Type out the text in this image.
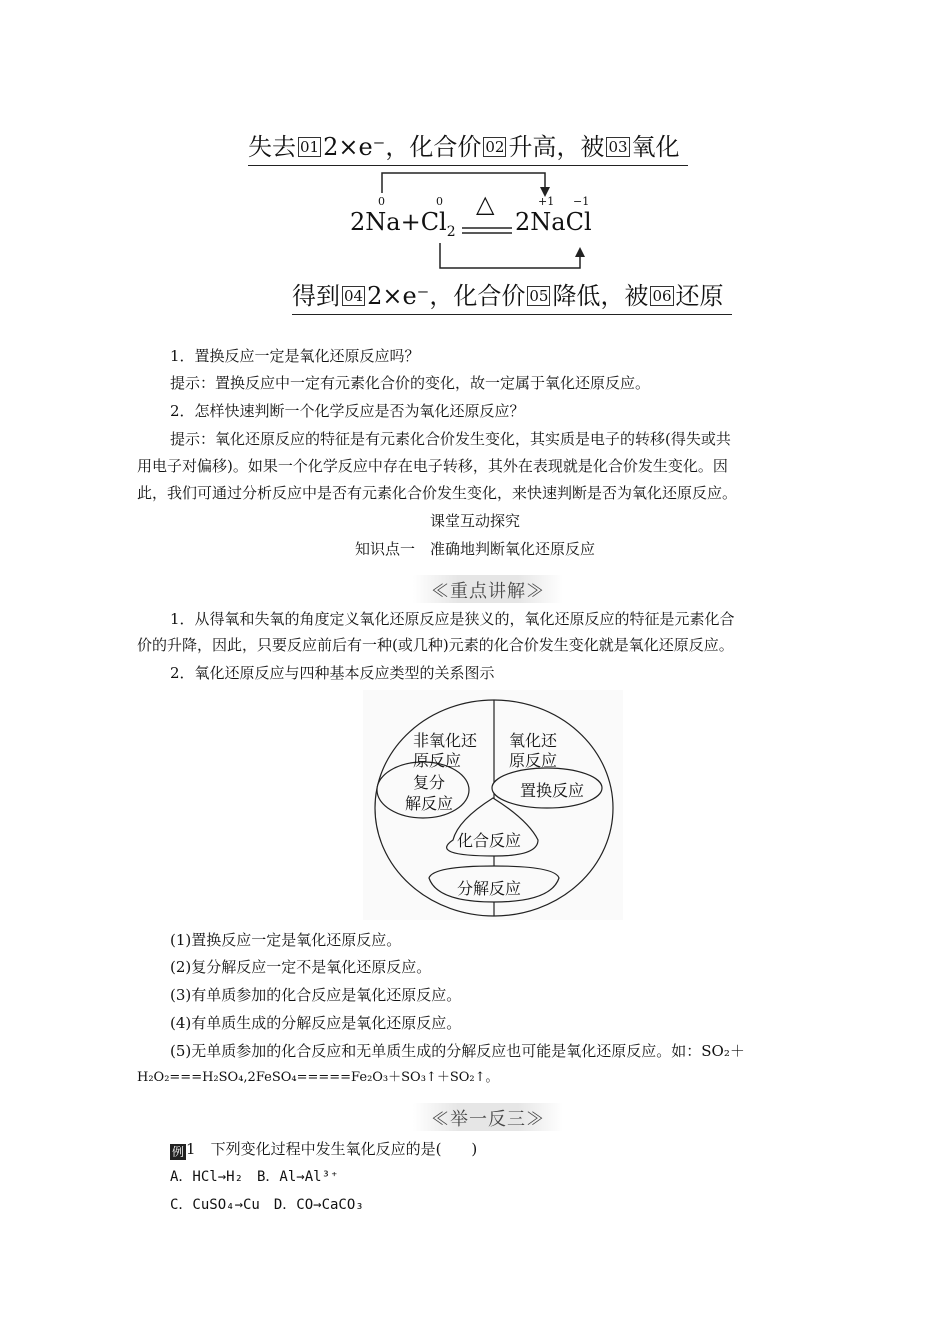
失去 01 2×e⁻，化合价 02 升高，被 03 氧化
0	0	+1 −1
△
$2Na+Cl_2$ 2NaCl
得到 04 2×e⁻，化合价 05 降低，被 06 还原
1．置换反应一定是氧化还原反应吗？
提示：置换反应中一定有元素化合价的变化，故一定属于氧化还原反应。
2．怎样快速判断一个化学反应是否为氧化还原反应？
提示：氧化还原反应的特征是有元素化合价发生变化，其实质是电子的转移(得失或共
用电子对偏移)。如果一个化学反应中存在电子转移，其外在表现就是化合价发生变化。因
此，我们可通过分析反应中是否有元素化合价发生变化，来快速判断是否为氧化还原反应。
课堂互动探究
知识点一　准确地判断氧化还原反应
≪重点讲解≫
1．从得氧和失氧的角度定义氧化还原反应是狭义的，氧化还原反应的特征是元素化合
价的升降，因此，只要反应前后有一种(或几种)元素的化合价发生变化就是氧化还原反应。
2．氧化还原反应与四种基本反应类型的关系图示
非氧化还
原反应
氧化还
原反应
复分
解反应
置换反应
化合反应
分解反应
(1)置换反应一定是氧化还原反应。
(2)复分解反应一定不是氧化还原反应。
(3)有单质参加的化合反应是氧化还原反应。
(4)有单质生成的分解反应是氧化还原反应。
(5)无单质参加的化合反应和无单质生成的分解反应也可能是氧化还原反应。如：SO₂＋
H₂O₂===H₂SO₄,2FeSO₄=====Fe₂O₃＋SO₃↑＋SO₂↑。
≪举一反三≫
例 1　 下列变化过程中发生氧化反应的是(　　)
A．HCl→H₂　B．Al→Al³⁺
C．CuSO₄→Cu　D．CO→CaCO₃
